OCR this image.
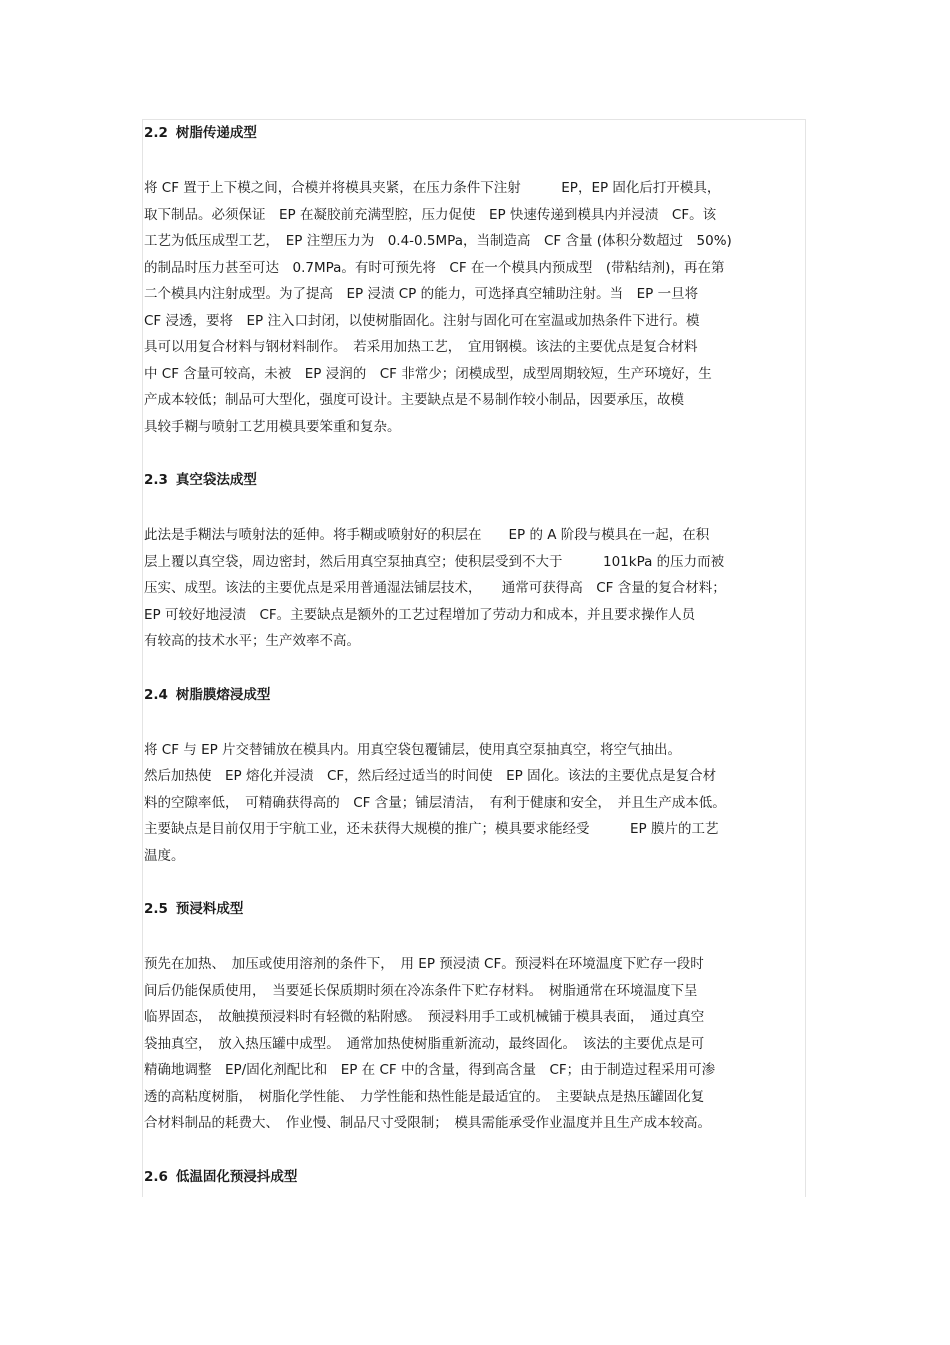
2.2 树脂传递成型
将 CF 置于上下模之间，合模并将模具夹紧，在压力条件下注射　　　EP，EP 固化后打开模具，
取下制品。必须保证　EP 在凝胶前充满型腔，压力促使　EP 快速传递到模具内并浸渍　CF。该
工艺为低压成型工艺，　EP 注塑压力为　0.4-0.5MPa，当制造高　CF 含量 (体积分数超过　50%)
的制品时压力甚至可达　0.7MPa。有时可预先将　CF 在一个模具内预成型　(带粘结剂)，再在第
二个模具内注射成型。为了提高　EP 浸渍 CP 的能力，可选择真空辅助注射。当　EP 一旦将
CF 浸透，要将　EP 注入口封闭，以使树脂固化。注射与固化可在室温或加热条件下进行。模
具可以用复合材料与钢材料制作。　若采用加热工艺，　宜用钢模。该法的主要优点是复合材料
中 CF 含量可较高，未被　EP 浸润的　CF 非常少；闭模成型，成型周期较短，生产环境好，生
产成本较低；制品可大型化，强度可设计。主要缺点是不易制作较小制品，因要承压，故模
具较手糊与喷射工艺用模具要笨重和复杂。
2.3 真空袋法成型
此法是手糊法与喷射法的延伸。将手糊或喷射好的积层在　　EP 的 A 阶段与模具在一起，在积
层上覆以真空袋，周边密封，然后用真空泵抽真空；使积层受到不大于　　　101kPa 的压力而被
压实、成型。该法的主要优点是采用普通湿法铺层技术，　　通常可获得高　CF 含量的复合材料；
EP 可较好地浸渍　CF。主要缺点是额外的工艺过程增加了劳动力和成本，并且要求操作人员
有较高的技术水平；生产效率不高。
2.4 树脂膜熔浸成型
将 CF 与 EP 片交替铺放在模具内。用真空袋包覆铺层，使用真空泵抽真空，将空气抽出。
然后加热使　EP 熔化并浸渍　CF，然后经过适当的时间使　EP 固化。该法的主要优点是复合材
料的空隙率低，　可精确获得高的　CF 含量；铺层清洁，　有利于健康和安全，　并且生产成本低。
主要缺点是目前仅用于宇航工业，还未获得大规模的推广；模具要求能经受　　　EP 膜片的工艺
温度。
2.5 预浸料成型
预先在加热、　加压或使用溶剂的条件下，　用 EP 预浸渍 CF。预浸料在环境温度下贮存一段时
间后仍能保质使用，　当要延长保质期时须在冷冻条件下贮存材料。　树脂通常在环境温度下呈
临界固态，　故触摸预浸料时有轻微的粘附感。　预浸料用手工或机械铺于模具表面，　通过真空
袋抽真空，　放入热压罐中成型。　通常加热使树脂重新流动，最终固化。　该法的主要优点是可
精确地调整　EP/固化剂配比和　EP 在 CF 中的含量，得到高含量　CF；由于制造过程采用可渗
透的高粘度树脂，　树脂化学性能、　力学性能和热性能是最适宜的。　主要缺点是热压罐固化复
合材料制品的耗费大、　作业慢、制品尺寸受限制；　模具需能承受作业温度并且生产成本较高。
2.6 低温固化预浸抖成型
